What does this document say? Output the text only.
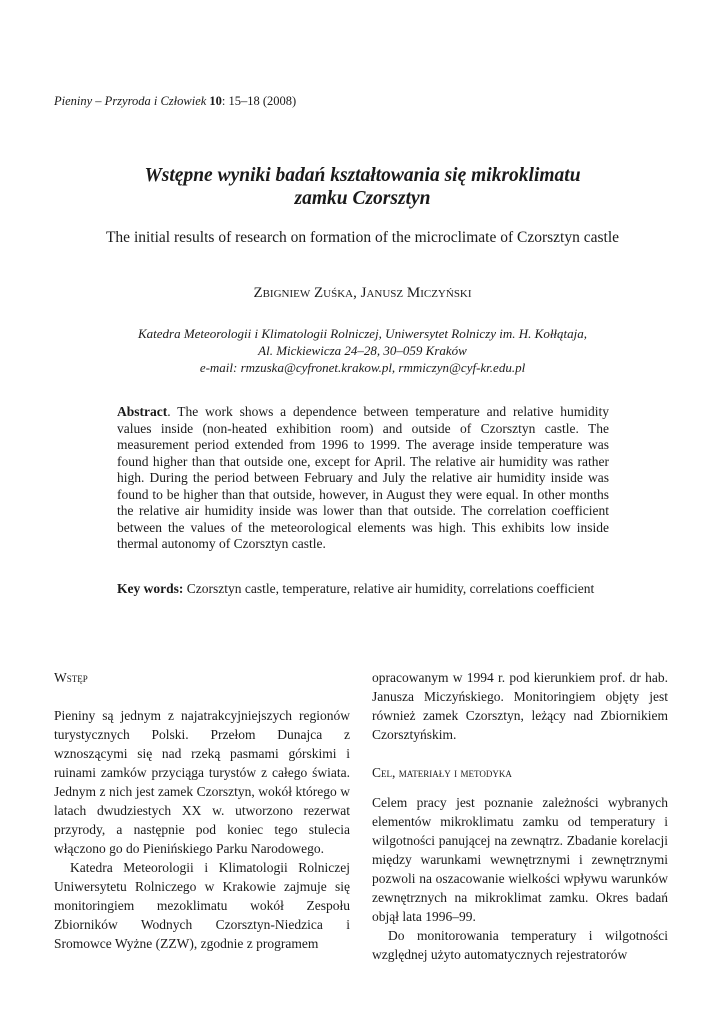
Pieniny – Przyroda i Człowiek 10: 15–18 (2008)
Wstępne wyniki badań kształtowania się mikroklimatu
zamku Czorsztyn
The initial results of research on formation of the microclimate of Czorsztyn castle
Zbigniew Zuśka, Janusz Miczyński
Katedra Meteorologii i Klimatologii Rolniczej, Uniwersytet Rolniczy im. H. Kołłątaja,
Al. Mickiewicza 24–28, 30–059 Kraków
e-mail: rmzuska@cyfronet.krakow.pl, rmmiczyn@cyf-kr.edu.pl
Abstract. The work shows a dependence between temperature and relative humidity values inside (non-heated exhibition room) and outside of Czorsztyn castle. The measurement period extended from 1996 to 1999. The average inside temperature was found higher than that outside one, except for April. The relative air humidity was rather high. During the period between February and July the relative air humidity inside was found to be higher than that outside, however, in August they were equal. In other months the relative air humidity inside was lower than that outside. The correlation coefficient between the values of the meteorological elements was high. This exhibits low inside thermal autonomy of Czorsztyn castle.
Key words: Czorsztyn castle, temperature, relative air humidity, correlations coefficient

Wstęp

Pieniny są jednym z najatrakcyjniejszych regionów turystycznych Polski. Przełom Dunajca z wznoszącymi się nad rzeką pasmami górskimi i ruinami zamków przyciąga turystów z całego świata. Jednym z nich jest zamek Czorsztyn, wokół którego w latach dwudziestych XX w. utworzono rezerwat przyrody, a następnie pod koniec tego stulecia włączono go do Pienińskiego Parku Narodowego.

Katedra Meteorologii i Klimatologii Rolniczej Uniwersytetu Rolniczego w Krakowie zajmuje się monitoringiem mezoklimatu wokół Zespołu Zbiorników Wodnych Czorsztyn-Niedzica i Sromowce Wyżne (ZZW), zgodnie z programem

opracowanym w 1994 r. pod kierunkiem prof. dr hab. Janusza Miczyńskiego. Monitoringiem objęty jest również zamek Czorsztyn, leżący nad Zbiornikiem Czorsztyńskim.

Cel, materiały i metodyka

Celem pracy jest poznanie zależności wybranych elementów mikroklimatu zamku od temperatury i wilgotności panującej na zewnątrz. Zbadanie korelacji między warunkami wewnętrznymi i zewnętrznymi pozwoli na oszacowanie wielkości wpływu warunków zewnętrznych na mikroklimat zamku. Okres badań objął lata 1996–99.

Do monitorowania temperatury i wilgotności względnej użyto automatycznych rejestratorów
